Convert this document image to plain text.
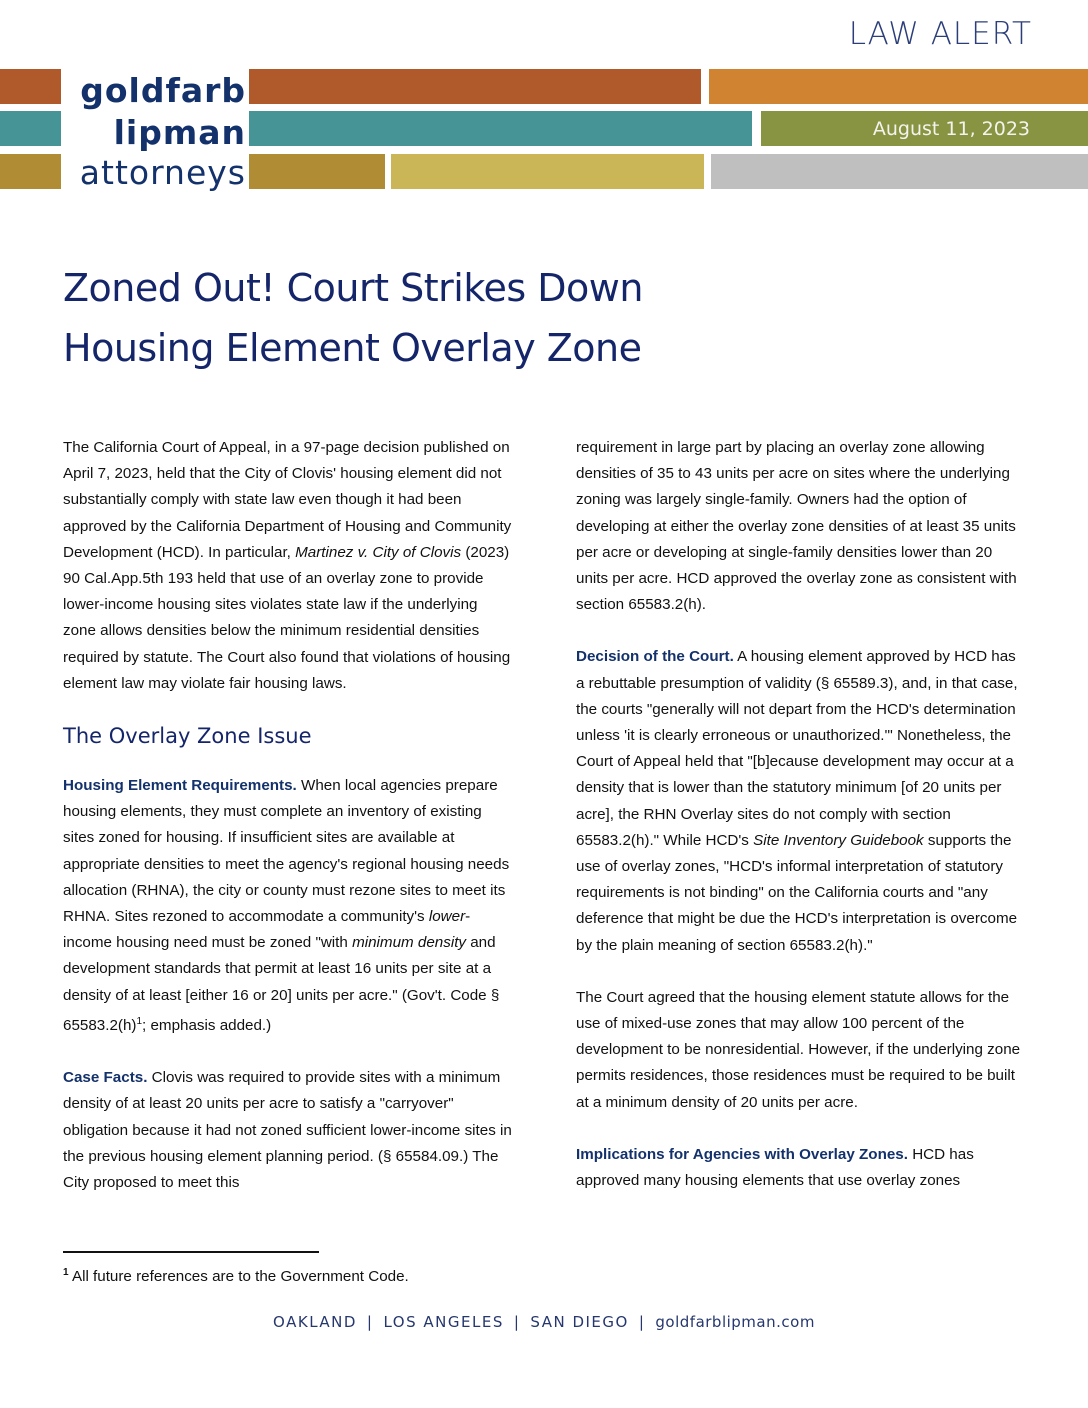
LAW ALERT
goldfarb
lipman
attorneys
August 11, 2023
Zoned Out! Court Strikes Down
Housing Element Overlay Zone

The California Court of Appeal, in a 97-page decision published on April 7, 2023, held that the City of Clovis' housing element did not substantially comply with state law even though it had been approved by the California Department of Housing and Community Development (HCD). In particular, Martinez v. City of Clovis (2023) 90 Cal.App.5th 193 held that use of an overlay zone to provide lower-income housing sites violates state law if the underlying zone allows densities below the minimum residential densities required by statute. The Court also found that violations of housing element law may violate fair housing laws.

The Overlay Zone Issue

Housing Element Requirements. When local agencies prepare housing elements, they must complete an inventory of existing sites zoned for housing. If insufficient sites are available at appropriate densities to meet the agency's regional housing needs allocation (RHNA), the city or county must rezone sites to meet its RHNA. Sites rezoned to accommodate a community's lower-income housing need must be zoned "with minimum density and development standards that permit at least 16 units per site at a density of at least [either 16 or 20] units per acre." (Gov't. Code § $65583.2(h)^1$; emphasis added.)

Case Facts. Clovis was required to provide sites with a minimum density of at least 20 units per acre to satisfy a "carryover" obligation because it had not zoned sufficient lower-income sites in the previous housing element planning period. (§ 65584.09.) The City proposed to meet this

requirement in large part by placing an overlay zone allowing densities of 35 to 43 units per acre on sites where the underlying zoning was largely single-family. Owners had the option of developing at either the overlay zone densities of at least 35 units per acre or developing at single-family densities lower than 20 units per acre. HCD approved the overlay zone as consistent with section 65583.2(h).

Decision of the Court. A housing element approved by HCD has a rebuttable presumption of validity (§ 65589.3), and, in that case, the courts "generally will not depart from the HCD's determination unless 'it is clearly erroneous or unauthorized.'" Nonetheless, the Court of Appeal held that "[b]ecause development may occur at a density that is lower than the statutory minimum [of 20 units per acre], the RHN Overlay sites do not comply with section 65583.2(h)." While HCD's Site Inventory Guidebook supports the use of overlay zones, "HCD's informal interpretation of statutory requirements is not binding" on the California courts and "any deference that might be due the HCD's interpretation is overcome by the plain meaning of section 65583.2(h)."

The Court agreed that the housing element statute allows for the use of mixed-use zones that may allow 100 percent of the development to be nonresidential. However, if the underlying zone permits residences, those residences must be required to be built at a minimum density of 20 units per acre.

Implications for Agencies with Overlay Zones. HCD has approved many housing elements that use overlay zones

$^1$ All future references are to the Government Code.
OAKLAND | LOS ANGELES | SAN DIEGO | goldfarblipman.com
